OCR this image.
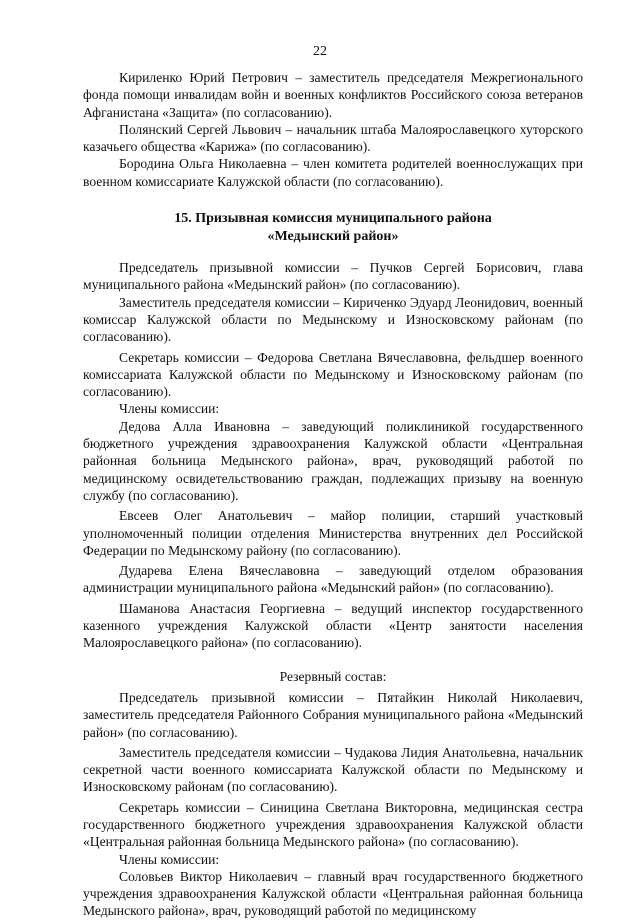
22

Кириленко Юрий Петрович – заместитель председателя Межрегионального фонда помощи инвалидам войн и военных конфликтов Российского союза ветеранов Афганистана «Защита» (по согласованию).

Полянский Сергей Львович – начальник штаба Малоярославецкого хуторского казачьего общества «Карижа» (по согласованию).

Бородина Ольга Николаевна – член комитета родителей военнослужащих при военном комиссариате Калужской области (по согласованию).

15. Призывная комиссия муниципального района
«Медынский район»

Председатель призывной комиссии – Пучков Сергей Борисович, глава муниципального района «Медынский район» (по согласованию).

Заместитель председателя комиссии – Кириченко Эдуард Леонидович, военный комиссар Калужской области по Медынскому и Износковскому районам (по согласованию).

Секретарь комиссии – Федорова Светлана Вячеславовна, фельдшер военного комиссариата Калужской области по Медынскому и Износковскому районам (по согласованию).

Члены комиссии:

Дедова Алла Ивановна – заведующий поликлиникой государственного бюджетного учреждения здравоохранения Калужской области «Центральная районная больница Медынского района», врач, руководящий работой по медицинскому освидетельствованию граждан, подлежащих призыву на военную службу (по согласованию).

Евсеев Олег Анатольевич – майор полиции, старший участковый уполномоченный полиции отделения Министерства внутренних дел Российской Федерации по Медынскому району (по согласованию).

Дударева Елена Вячеславовна – заведующий отделом образования администрации муниципального района «Медынский район» (по согласованию).

Шаманова Анастасия Георгиевна – ведущий инспектор государственного казенного учреждения Калужской области «Центр занятости населения Малоярославецкого района» (по согласованию).

Резервный состав:

Председатель призывной комиссии – Пятайкин Николай Николаевич, заместитель председателя Районного Собрания муниципального района «Медынский район» (по согласованию).

Заместитель председателя комиссии – Чудакова Лидия Анатольевна, начальник секретной части военного комиссариата Калужской области по Медынскому и Износковскому районам (по согласованию).

Секретарь комиссии – Синицина Светлана Викторовна, медицинская сестра государственного бюджетного учреждения здравоохранения Калужской области «Центральная районная больница Медынского района» (по согласованию).

Члены комиссии:

Соловьев Виктор Николаевич – главный врач государственного бюджетного учреждения здравоохранения Калужской области «Центральная районная больница Медынского района», врач, руководящий работой по медицинскому
